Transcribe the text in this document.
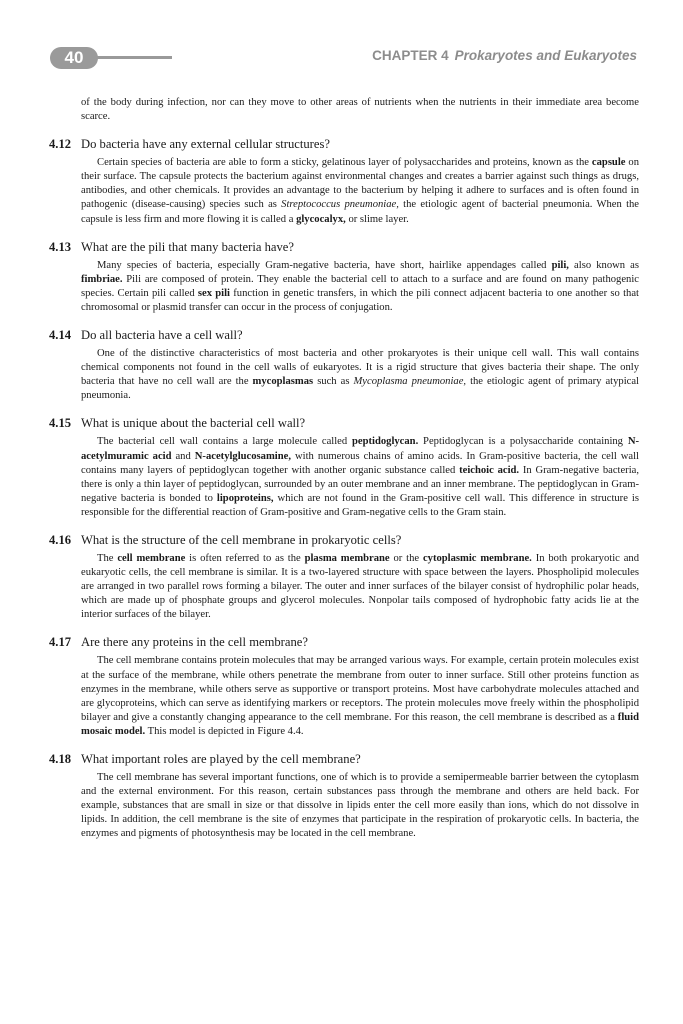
40	CHAPTER 4 Prokaryotes and Eukaryotes

of the body during infection, nor can they move to other areas of nutrients when the nutrients in their immediate area become scarce.

4.12 Do bacteria have any external cellular structures?

Certain species of bacteria are able to form a sticky, gelatinous layer of polysaccharides and proteins, known as the capsule on their surface. The capsule protects the bacterium against environmental changes and creates a barrier against such things as drugs, antibodies, and other chemicals. It provides an advantage to the bacterium by helping it adhere to surfaces and is often found in pathogenic (disease-causing) species such as Streptococcus pneumoniae, the etiologic agent of bacterial pneumonia. When the capsule is less firm and more flowing it is called a glycocalyx, or slime layer.

4.13 What are the pili that many bacteria have?

Many species of bacteria, especially Gram-negative bacteria, have short, hairlike appendages called pili, also known as fimbriae. Pili are composed of protein. They enable the bacterial cell to attach to a surface and are found on many pathogenic species. Certain pili called sex pili function in genetic transfers, in which the pili connect adjacent bacteria to one another so that chromosomal or plasmid transfer can occur in the process of conjugation.

4.14 Do all bacteria have a cell wall?

One of the distinctive characteristics of most bacteria and other prokaryotes is their unique cell wall. This wall contains chemical components not found in the cell walls of eukaryotes. It is a rigid structure that gives bacteria their shape. The only bacteria that have no cell wall are the mycoplasmas such as Mycoplasma pneumoniae, the etiologic agent of primary atypical pneumonia.

4.15 What is unique about the bacterial cell wall?

The bacterial cell wall contains a large molecule called peptidoglycan. Peptidoglycan is a polysaccharide containing N-acetylmuramic acid and N-acetylglucosamine, with numerous chains of amino acids. In Gram-positive bacteria, the cell wall contains many layers of peptidoglycan together with another organic substance called teichoic acid. In Gram-negative bacteria, there is only a thin layer of peptidoglycan, surrounded by an outer membrane and an inner membrane. The peptidoglycan in Gram-negative bacteria is bonded to lipoproteins, which are not found in the Gram-positive cell wall. This difference in structure is responsible for the differential reaction of Gram-positive and Gram-negative cells to the Gram stain.

4.16 What is the structure of the cell membrane in prokaryotic cells?

The cell membrane is often referred to as the plasma membrane or the cytoplasmic membrane. In both prokaryotic and eukaryotic cells, the cell membrane is similar. It is a two-layered structure with space between the layers. Phospholipid molecules are arranged in two parallel rows forming a bilayer. The outer and inner surfaces of the bilayer consist of hydrophilic polar heads, which are made up of phosphate groups and glycerol molecules. Nonpolar tails composed of hydrophobic fatty acids lie at the interior surfaces of the bilayer.

4.17 Are there any proteins in the cell membrane?

The cell membrane contains protein molecules that may be arranged various ways. For example, certain protein molecules exist at the surface of the membrane, while others penetrate the membrane from outer to inner surface. Still other proteins function as enzymes in the membrane, while others serve as supportive or transport proteins. Most have carbohydrate molecules attached and are glycoproteins, which can serve as identifying markers or receptors. The protein molecules move freely within the phospholipid bilayer and give a constantly changing appearance to the cell membrane. For this reason, the cell membrane is described as a fluid mosaic model. This model is depicted in Figure 4.4.

4.18 What important roles are played by the cell membrane?

The cell membrane has several important functions, one of which is to provide a semipermeable barrier between the cytoplasm and the external environment. For this reason, certain substances pass through the membrane and others are held back. For example, substances that are small in size or that dissolve in lipids enter the cell more easily than ions, which do not dissolve in lipids. In addition, the cell membrane is the site of enzymes that participate in the respiration of prokaryotic cells. In bacteria, the enzymes and pigments of photosynthesis may be located in the cell membrane.
